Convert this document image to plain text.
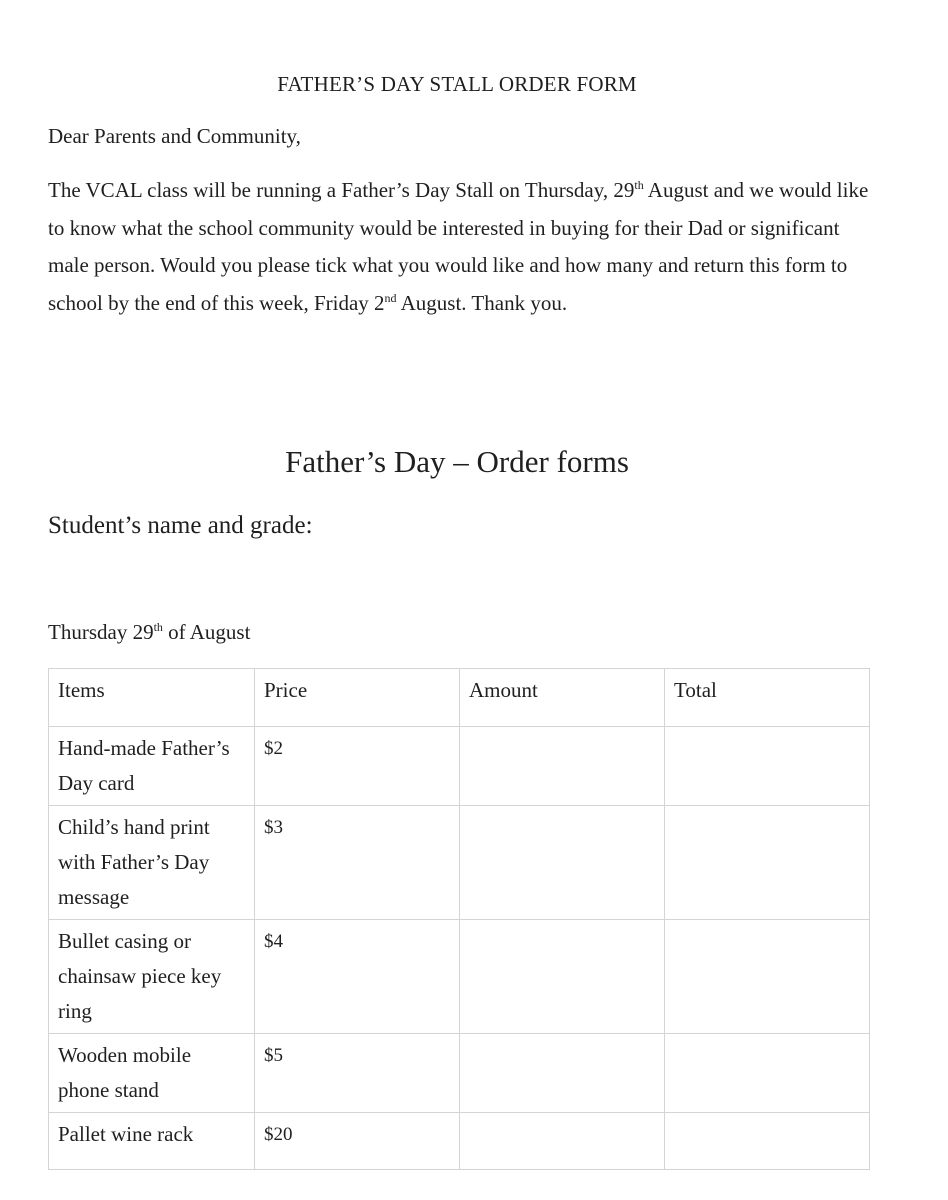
FATHER’S DAY STALL ORDER FORM
Dear Parents and Community,

The VCAL class will be running a Father’s Day Stall on Thursday, 29th August and we would like to know what the school community would be interested in buying for their Dad or significant male person. Would you please tick what you would like and how many and return this form to school by the end of this week, Friday 2nd August. Thank you.

Father’s Day – Order forms
Student’s name and grade:
Thursday 29th of August
Items	Price	Amount	Total
Hand-made Father’s Day card	$2		
Child’s hand print with Father’s Day message	$3		
Bullet casing or chainsaw piece key ring	$4		
Wooden mobile phone stand	$5		
Pallet wine rack	$20		
